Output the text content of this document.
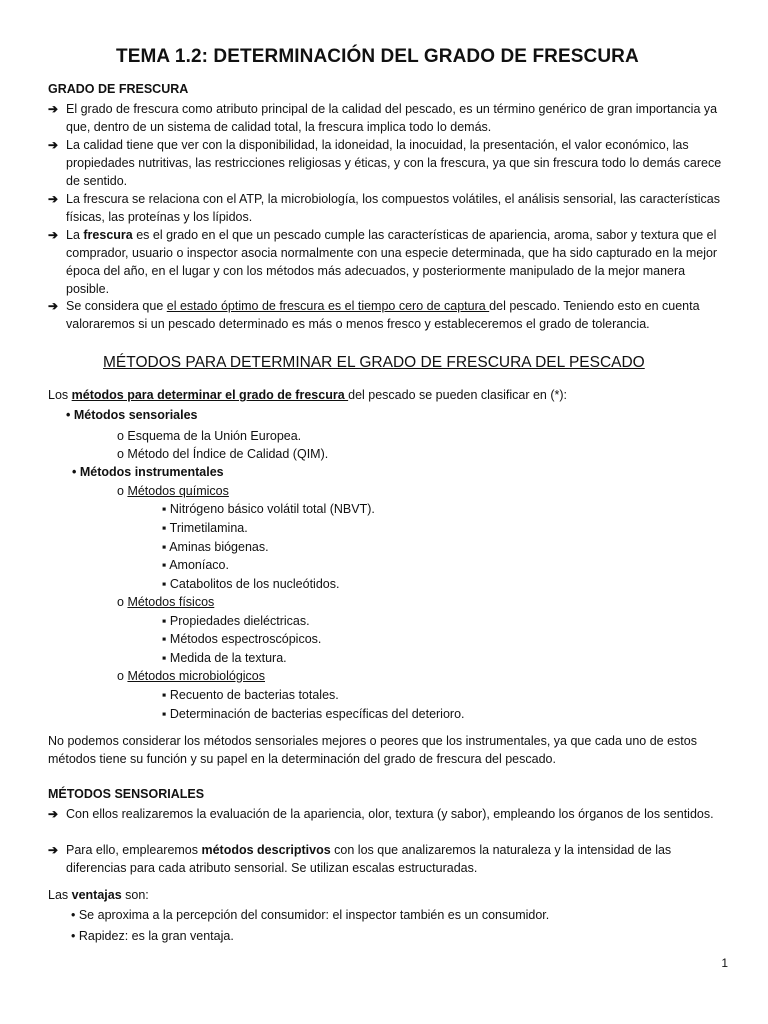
TEMA 1.2: DETERMINACIÓN DEL GRADO DE FRESCURA

GRADO DE FRESCURA

➔ El grado de frescura como atributo principal de la calidad del pescado, es un término genérico de gran importancia ya que, dentro de un sistema de calidad total, la frescura implica todo lo demás.
➔ La calidad tiene que ver con la disponibilidad, la idoneidad, la inocuidad, la presentación, el valor económico, las propiedades nutritivas, las restricciones religiosas y éticas, y con la frescura, ya que sin frescura todo lo demás carece de sentido.
➔ La frescura se relaciona con el ATP, la microbiología, los compuestos volátiles, el análisis sensorial, las características físicas, las proteínas y los lípidos.
➔ La frescura es el grado en el que un pescado cumple las características de apariencia, aroma, sabor y textura que el comprador, usuario o inspector asocia normalmente con una especie determinada, que ha sido capturado en la mejor época del año, en el lugar y con los métodos más adecuados, y posteriormente manipulado de la mejor manera posible.
➔ Se considera que el estado óptimo de frescura es el tiempo cero de captura del pescado. Teniendo esto en cuenta valoraremos si un pescado determinado es más o menos fresco y estableceremos el grado de tolerancia.
MÉTODOS PARA DETERMINAR EL GRADO DE FRESCURA DEL PESCADO

Los métodos para determinar el grado de frescura del pescado se pueden clasificar en (*):

• Métodos sensoriales

o Esquema de la Unión Europea.

o Método del Índice de Calidad (QIM).

• Métodos instrumentales

o Métodos químicos

▪ Nitrógeno básico volátil total (NBVT).

▪ Trimetilamina.

▪ Aminas biógenas.

▪ Amoníaco.

▪ Catabolitos de los nucleótidos.

o Métodos físicos

▪ Propiedades dieléctricas.

▪ Métodos espectroscópicos.

▪ Medida de la textura.

o Métodos microbiológicos

▪ Recuento de bacterias totales.

▪ Determinación de bacterias específicas del deterioro.

No podemos considerar los métodos sensoriales mejores o peores que los instrumentales, ya que cada uno de estos métodos tiene su función y su papel en la determinación del grado de frescura del pescado.

MÉTODOS SENSORIALES

➔ Con ellos realizaremos la evaluación de la apariencia, olor, textura (y sabor), empleando los órganos de los sentidos.
➔ Para ello, emplearemos métodos descriptivos con los que analizaremos la naturaleza y la intensidad de las diferencias para cada atributo sensorial. Se utilizan escalas estructuradas.

Las ventajas son:

• Se aproxima a la percepción del consumidor: el inspector también es un consumidor.

• Rapidez: es la gran ventaja.

1
